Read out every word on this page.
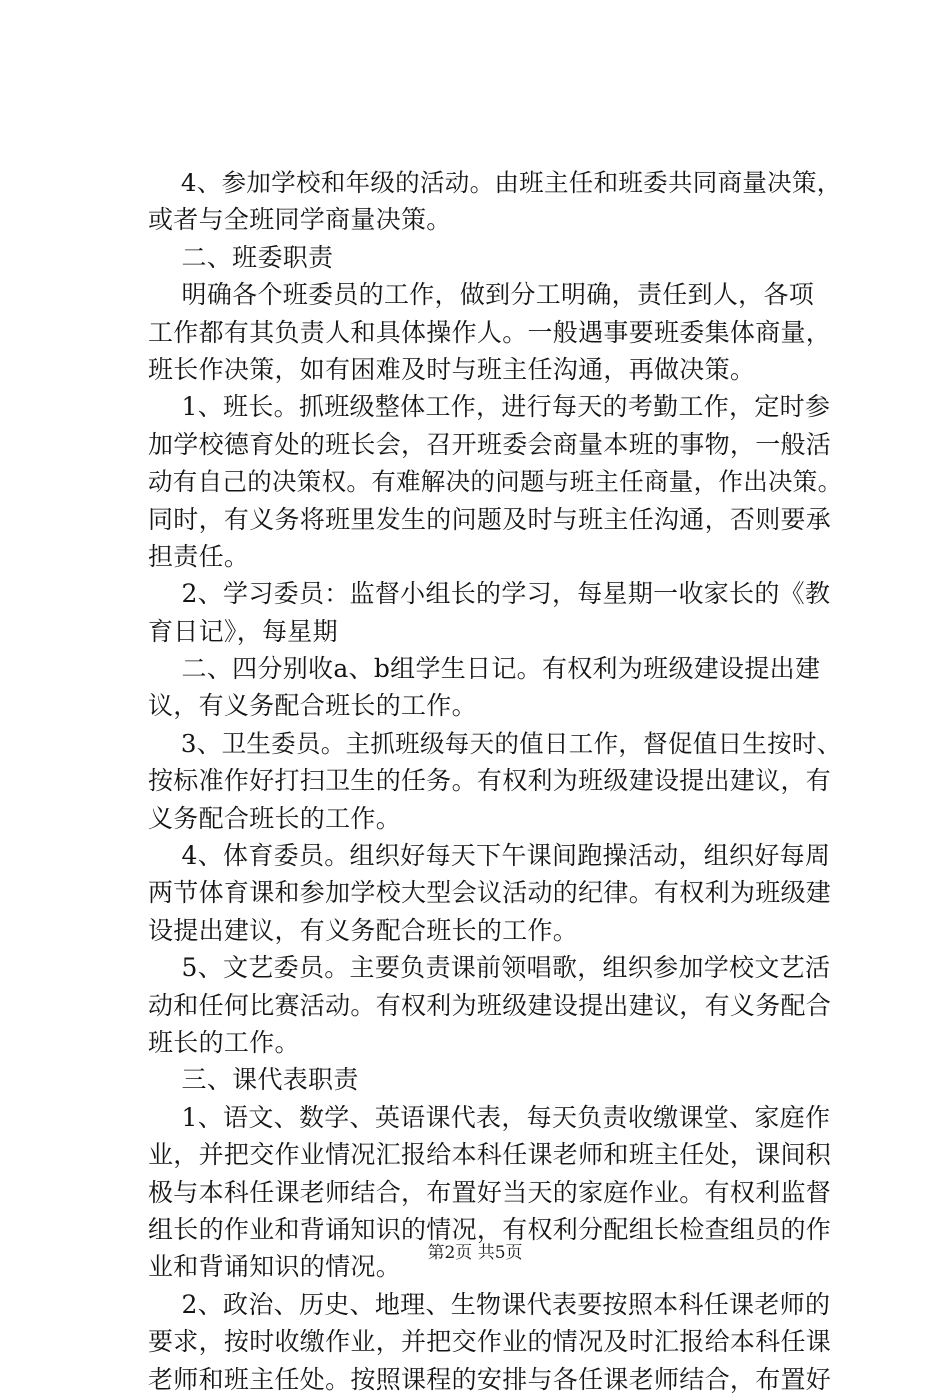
　 4、参加学校和年级的活动。由班主任和班委共同商量决策，
或者与全班同学商量决策。
　 二、班委职责
　 明确各个班委员的工作，做到分工明确，责任到人，各项
工作都有其负责人和具体操作人。一般遇事要班委集体商量，
班长作决策，如有困难及时与班主任沟通，再做决策。
　 1、班长。抓班级整体工作，进行每天的考勤工作，定时参
加学校德育处的班长会，召开班委会商量本班的事物，一般活
动有自己的决策权。有难解决的问题与班主任商量，作出决策。
同时，有义务将班里发生的问题及时与班主任沟通，否则要承
担责任。
　 2、学习委员：监督小组长的学习，每星期一收家长的《教
育日记》，每星期
　 二、四分别收a、b组学生日记。有权利为班级建设提出建
议，有义务配合班长的工作。
　 3、卫生委员。主抓班级每天的值日工作，督促值日生按时、
按标准作好打扫卫生的任务。有权利为班级建设提出建议，有
义务配合班长的工作。
　 4、体育委员。组织好每天下午课间跑操活动，组织好每周
两节体育课和参加学校大型会议活动的纪律。有权利为班级建
设提出建议，有义务配合班长的工作。
　 5、文艺委员。主要负责课前领唱歌，组织参加学校文艺活
动和任何比赛活动。有权利为班级建设提出建议，有义务配合
班长的工作。
　 三、课代表职责
　 1、语文、数学、英语课代表，每天负责收缴课堂、家庭作
业，并把交作业情况汇报给本科任课老师和班主任处，课间积
极与本科任课老师结合，布置好当天的家庭作业。有权利监督
组长的作业和背诵知识的情况，有权利分配组长检查组员的作
业和背诵知识的情况。
　 2、政治、历史、地理、生物课代表要按照本科任课老师的
要求，按时收缴作业，并把交作业的情况及时汇报给本科任课
老师和班主任处。按照课程的安排与各任课老师结合，布置好
第2页 共5页
